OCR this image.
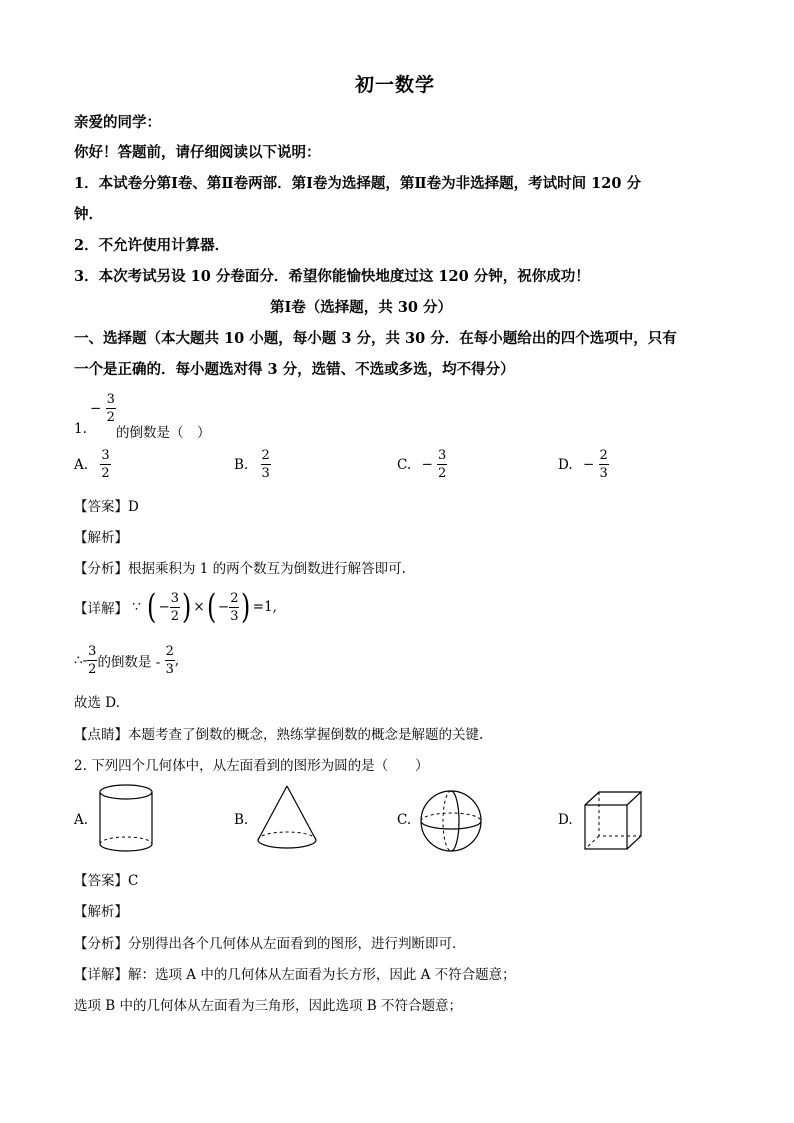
初一数学
亲爱的同学：
你好！答题前，请仔细阅读以下说明：
1．本试卷分第Ⅰ卷、第Ⅱ卷两部．第Ⅰ卷为选择题，第Ⅱ卷为非选择题，考试时间 120 分
钟．
2．不允许使用计算器．
3．本次考试另设 10 分卷面分．希望你能愉快地度过这 120 分钟，祝你成功！
第Ⅰ卷（选择题，共 30 分）
一、选择题（本大题共 10 小题，每小题 3 分，共 30 分．在每小题给出的四个选项中，只有
一个是正确的．每小题选对得 3 分，选错、不选或多选，均不得分）
1.
− $\frac{3}{2}$
的倒数是（　）
A. $\frac{3}{2}$	B. $\frac{2}{3}$	C. − $\frac{3}{2}$	D. − $\frac{2}{3}$
【答案】D
【解析】
【分析】根据乘积为 1 的两个数互为倒数进行解答即可.
【详解】 ∵ ( − $\frac{3}{2}$ ) ×( − $\frac{2}{3}$ ) =1,
∴- $\frac{3}{2}$ 的倒数是 - $\frac{2}{3}$ ,
故选 D.
【点睛】本题考查了倒数的概念，熟练掌握倒数的概念是解题的关键.
2. 下列四个几何体中，从左面看到的图形为圆的是（　　）
A.	B.	C.	D.
【答案】C
【解析】
【分析】分别得出各个几何体从左面看到的图形，进行判断即可．
【详解】解：选项 A 中的几何体从左面看为长方形，因此 A 不符合题意；
选项 B 中的几何体从左面看为三角形，因此选项 B 不符合题意；
